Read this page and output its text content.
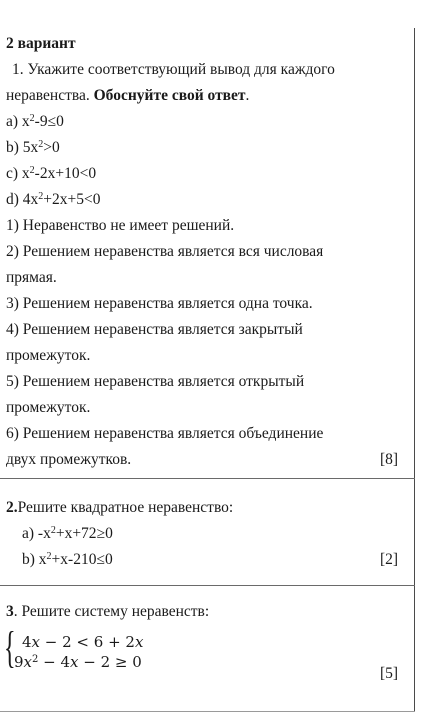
2 вариант
1. Укажите соответствующий вывод для каждого
неравенства. Обоснуйте свой ответ.
a) $x^2-9\le 0$
b) $5x^2>0$
c) $x^2-2x+10<0$
d) $4x^2+2x+5<0$
1) Неравенство не имеет решений.
2) Решением неравенства является вся числовая
прямая.
3) Решением неравенства является одна точка.
4) Решением неравенства является закрытый
промежуток.
5) Решением неравенства является открытый
промежуток.
6) Решением неравенства является объединение
двух промежутков.	[8]
2.Решите квадратное неравенство:
a) $-x^2+x+72\ge 0$
b) $x^2+x-210\le 0$	[2]
3. Решите систему неравенств:
{ 4x − 2 < 6 + 2x
$9x^2 - 4x - 2 \ge 0$
[5]
